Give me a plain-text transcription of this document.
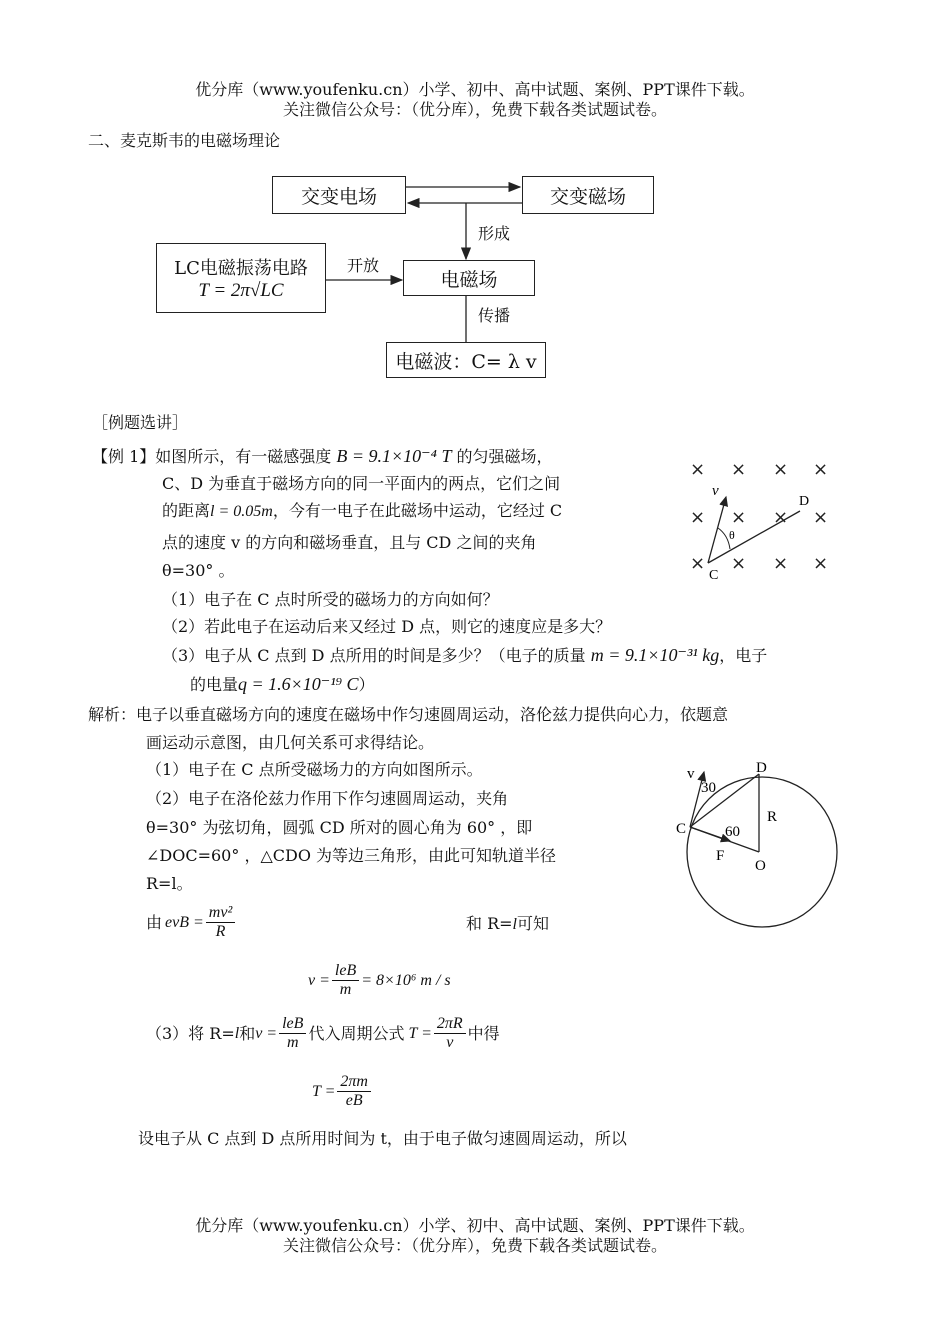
优分库（www.youfenku.cn）小学、初中、高中试题、案例、PPT课件下载。
关注微信公众号：（优分库），免费下载各类试题试卷。
二、麦克斯韦的电磁场理论
交变电场	交变磁场
形成
LC电磁振荡电路
T = 2π√LC
开放
电磁场
传播
电磁波：C= λ v
［例题选讲］
【例 1】如图所示，有一磁感强度 B = 9.1×10⁻⁴ T 的匀强磁场，
C、D 为垂直于磁场方向的同一平面内的两点，它们之间
的距离l = 0.05m，今有一电子在此磁场中运动，它经过 C
点的速度 v 的方向和磁场垂直，且与 CD 之间的夹角
θ=30° 。
（1）电子在 C 点时所受的磁场力的方向如何？
（2）若此电子在运动后来又经过 D 点，则它的速度应是多大？
（3）电子从 C 点到 D 点所用的时间是多少？（电子的质量 m = 9.1×10⁻³¹ kg，电子
的电量q = 1.6×10⁻¹⁹ C）
× × × ×
× × × ×
× × × ×
v
D
θ
C
解析：电子以垂直磁场方向的速度在磁场中作匀速圆周运动，洛伦兹力提供向心力，依题意
画运动示意图，由几何关系可求得结论。
（1）电子在 C 点所受磁场力的方向如图所示。
（2）电子在洛伦兹力作用下作匀速圆周运动，夹角
θ=30° 为弦切角，圆弧 CD 所对的圆心角为 60° ，即
∠DOC=60° ，△CDO 为等边三角形，由此可知轨道半径
R=l。
由 evB = $\frac{\text{mv²}}{R}$	和 R=l可知
$v = \frac{\text{leB}}{m} = 8\times 10^6$ m / s
（3）将 R= l 和 $v = \frac{\text{leB}}{m}$ 代入周期公式 $T = \frac{2\pi R}{v}$ 中得
$T = \frac{2\pi m}{eB}$
设电子从 C 点到 D 点所用时间为 t，由于电子做匀速圆周运动，所以
v
30
D
R
C	60
F
O
优分库（www.youfenku.cn）小学、初中、高中试题、案例、PPT课件下载。
关注微信公众号：（优分库），免费下载各类试题试卷。
